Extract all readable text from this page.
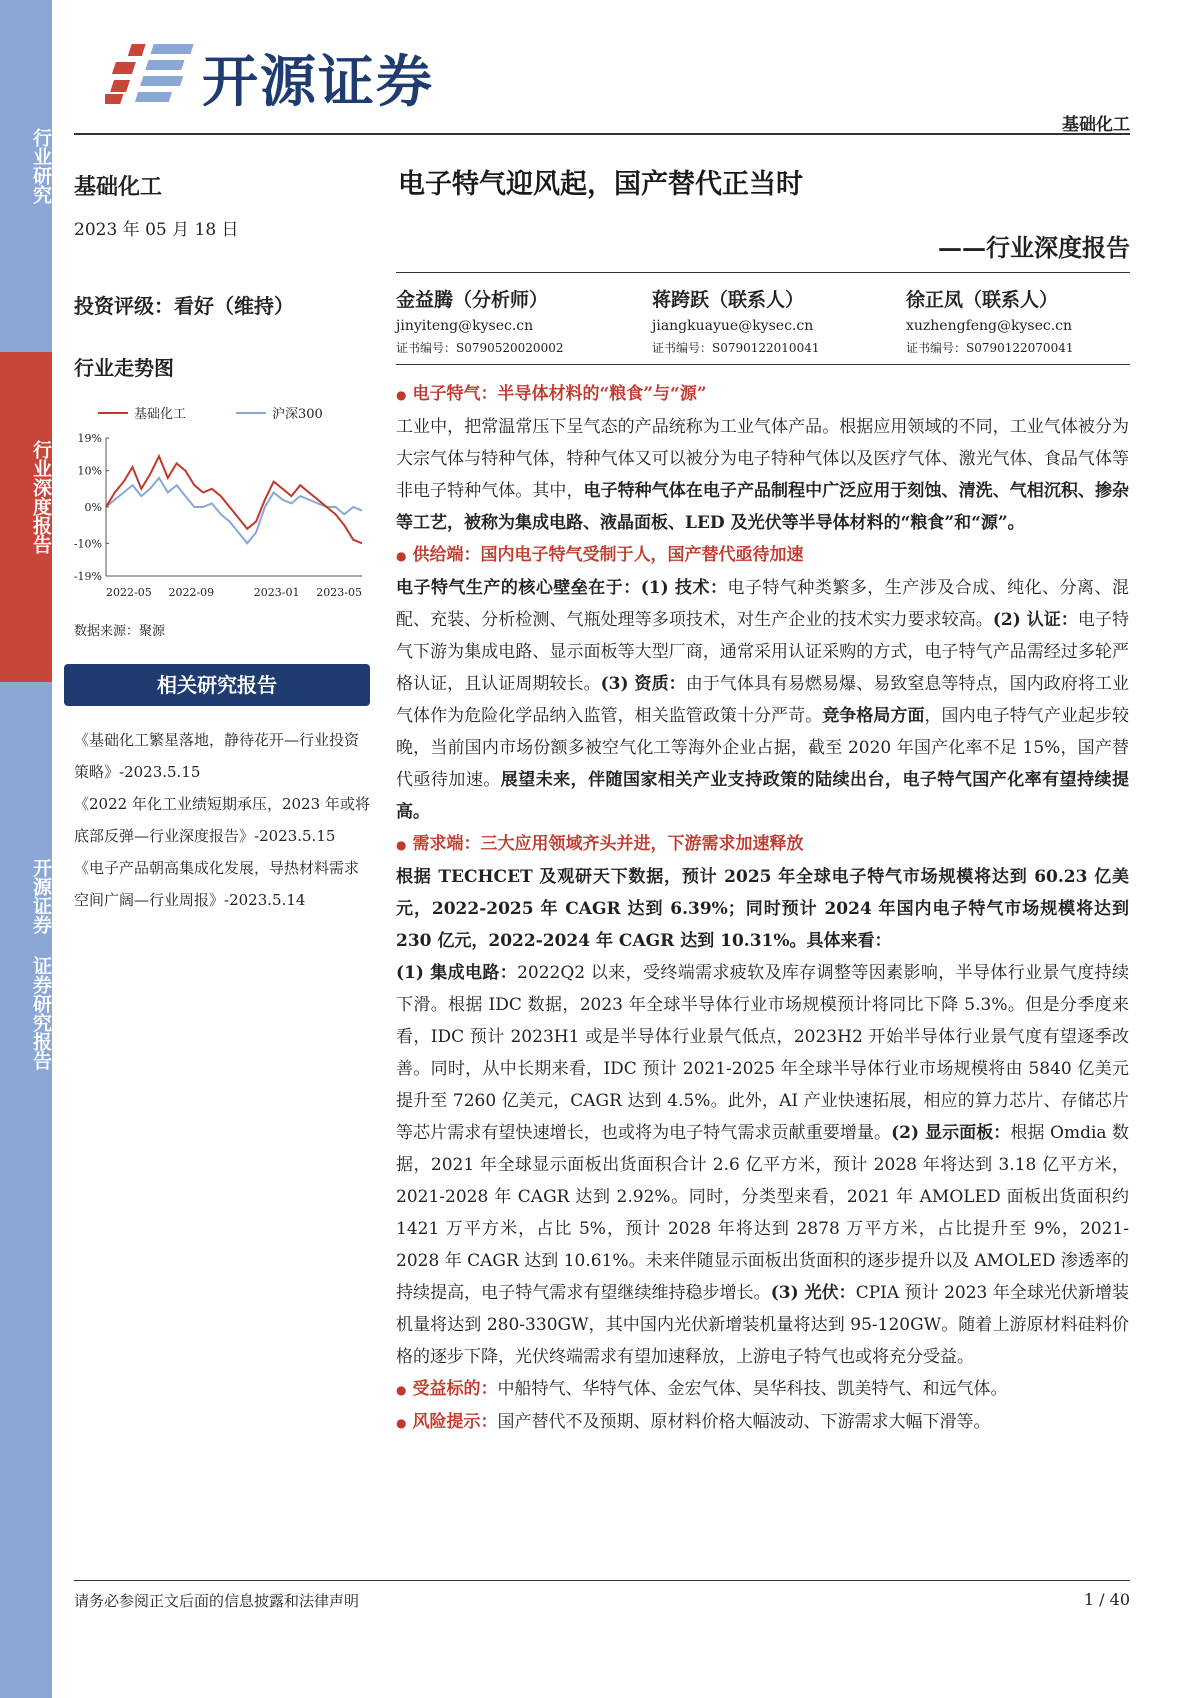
行业研究
行业深度报告
开源证券 证券研究报告
开源证券
基础化工
基础化工
2023 年 05 月 18 日
电子特气迎风起，国产替代正当时
——行业深度报告
投资评级：看好（维持）	金益腾（分析师）
jinyiteng@kysec.cn
证书编号：S0790520020002
蒋跨跃（联系人）
jiangkuayue@kysec.cn
证书编号：S0790122010041
徐正凤（联系人）
xuzhengfeng@kysec.cn
证书编号：S0790122070041
行业走势图
基础化工	沪深300
19%
10%
0%
-10%
-19%
2022-05 2022-09	2023-01 2023-05
数据来源：聚源
相关研究报告

《基础化工繁星落地，静待花开—行业投资策略》-2023.5.15

《2022 年化工业绩短期承压，2023 年或将底部反弹—行业深度报告》-2023.5.15

《电子产品朝高集成化发展，导热材料需求空间广阔—行业周报》-2023.5.14

● 电子特气：半导体材料的“粮食”与“源”

工业中，把常温常压下呈气态的产品统称为工业气体产品。根据应用领域的不同，工业气体被分为大宗气体与特种气体，特种气体又可以被分为电子特种气体以及医疗气体、激光气体、食品气体等非电子特种气体。其中，电子特种气体在电子产品制程中广泛应用于刻蚀、清洗、气相沉积、掺杂等工艺，被称为集成电路、液晶面板、LED 及光伏等半导体材料的“粮食”和“源”。

● 供给端：国内电子特气受制于人，国产替代亟待加速

电子特气生产的核心壁垒在于：(1) 技术：电子特气种类繁多，生产涉及合成、纯化、分离、混配、充装、分析检测、气瓶处理等多项技术，对生产企业的技术实力要求较高。(2) 认证：电子特气下游为集成电路、显示面板等大型厂商，通常采用认证采购的方式，电子特气产品需经过多轮严格认证，且认证周期较长。(3) 资质：由于气体具有易燃易爆、易致窒息等特点，国内政府将工业气体作为危险化学品纳入监管，相关监管政策十分严苛。竞争格局方面，国内电子特气产业起步较晚，当前国内市场份额多被空气化工等海外企业占据，截至 2020 年国产化率不足 15%，国产替代亟待加速。展望未来，伴随国家相关产业支持政策的陆续出台，电子特气国产化率有望持续提高。

● 需求端：三大应用领域齐头并进，下游需求加速释放

根据 TECHCET 及观研天下数据，预计 2025 年全球电子特气市场规模将达到 60.23 亿美元，2022-2025 年 CAGR 达到 6.39%；同时预计 2024 年国内电子特气市场规模将达到 230 亿元，2022-2024 年 CAGR 达到 10.31%。具体来看：

(1) 集成电路：2022Q2 以来，受终端需求疲软及库存调整等因素影响，半导体行业景气度持续下滑。根据 IDC 数据，2023 年全球半导体行业市场规模预计将同比下降 5.3%。但是分季度来看，IDC 预计 2023H1 或是半导体行业景气低点，2023H2 开始半导体行业景气度有望逐季改善。同时，从中长期来看，IDC 预计 2021-2025 年全球半导体行业市场规模将由 5840 亿美元提升至 7260 亿美元，CAGR 达到 4.5%。此外，AI 产业快速拓展，相应的算力芯片、存储芯片等芯片需求有望快速增长，也或将为电子特气需求贡献重要增量。(2) 显示面板：根据 Omdia 数据，2021 年全球显示面板出货面积合计 2.6 亿平方米，预计 2028 年将达到 3.18 亿平方米，2021-2028 年 CAGR 达到 2.92%。同时，分类型来看，2021 年 AMOLED 面板出货面积约 1421 万平方米，占比 5%，预计 2028 年将达到 2878 万平方米，占比提升至 9%，2021-2028 年 CAGR 达到 10.61%。未来伴随显示面板出货面积的逐步提升以及 AMOLED 渗透率的持续提高，电子特气需求有望继续维持稳步增长。(3) 光伏：CPIA 预计 2023 年全球光伏新增装机量将达到 280-330GW，其中国内光伏新增装机量将达到 95-120GW。随着上游原材料硅料价格的逐步下降，光伏终端需求有望加速释放，上游电子特气也或将充分受益。

● 受益标的：中船特气、华特气体、金宏气体、昊华科技、凯美特气、和远气体。

● 风险提示：国产替代不及预期、原材料价格大幅波动、下游需求大幅下滑等。

请务必参阅正文后面的信息披露和法律声明	1 / 40
